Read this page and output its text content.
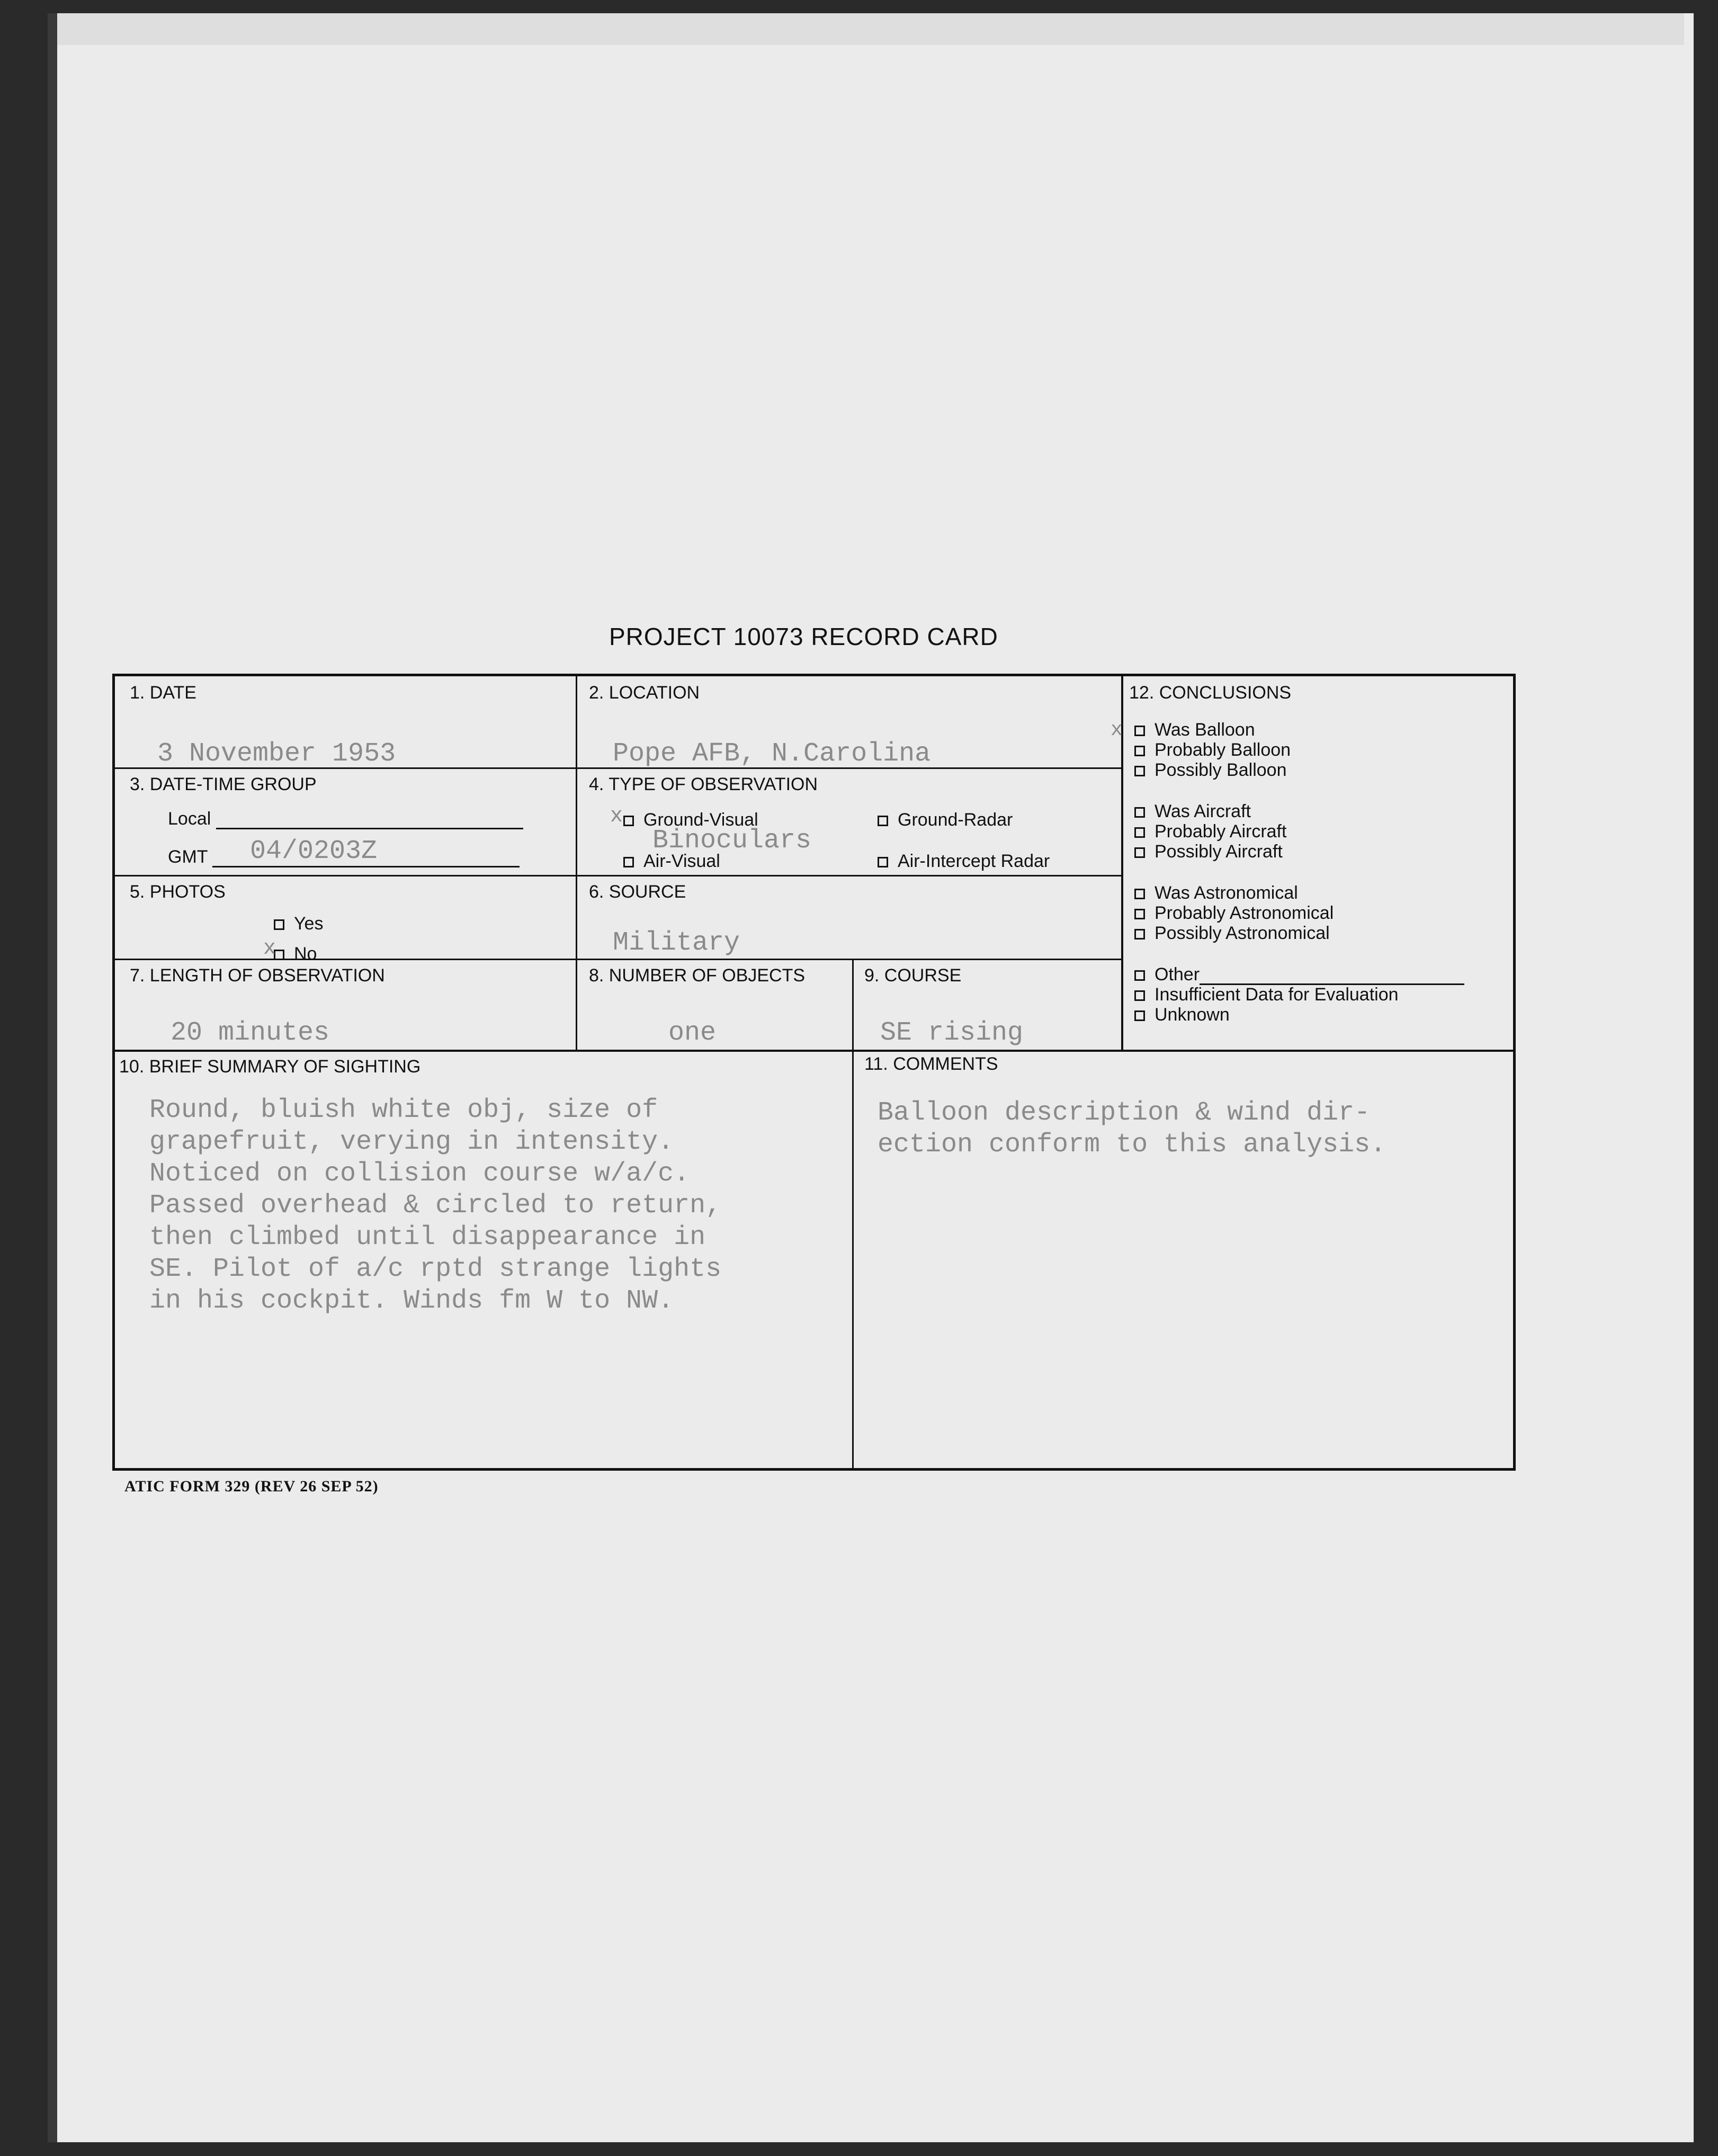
PROJECT 10073 RECORD CARD
1. DATE
3 November 1953
2. LOCATION
Pope AFB, N.Carolina
3. DATE-TIME GROUP
Local
GMT	04/0203Z
4. TYPE OF OBSERVATION
Ground-Visual	Ground-Radar
Air-Visual	Air-Intercept Radar
Binoculars
x
5. PHOTOS
Yes
No
x
6. SOURCE
Military
7. LENGTH OF OBSERVATION
20 minutes
8. NUMBER OF OBJECTS
one
9. COURSE
SE rising
12. CONCLUSIONS
x	Was Balloon
Probably Balloon
Possibly Balloon
Was Aircraft
Probably Aircraft
Possibly Aircraft
Was Astronomical
Probably Astronomical
Possibly Astronomical
Other
Insufficient Data for Evaluation
Unknown
10. BRIEF SUMMARY OF SIGHTING
Round, bluish white obj, size of
grapefruit, verying in intensity.
Noticed on collision course w/a/c.
Passed overhead & circled to return,
then climbed until disappearance in
SE. Pilot of a/c rptd strange lights
in his cockpit. Winds fm W to NW.
11. COMMENTS
Balloon description & wind dir-
ection conform to this analysis.
ATIC FORM 329 (REV 26 SEP 52)
